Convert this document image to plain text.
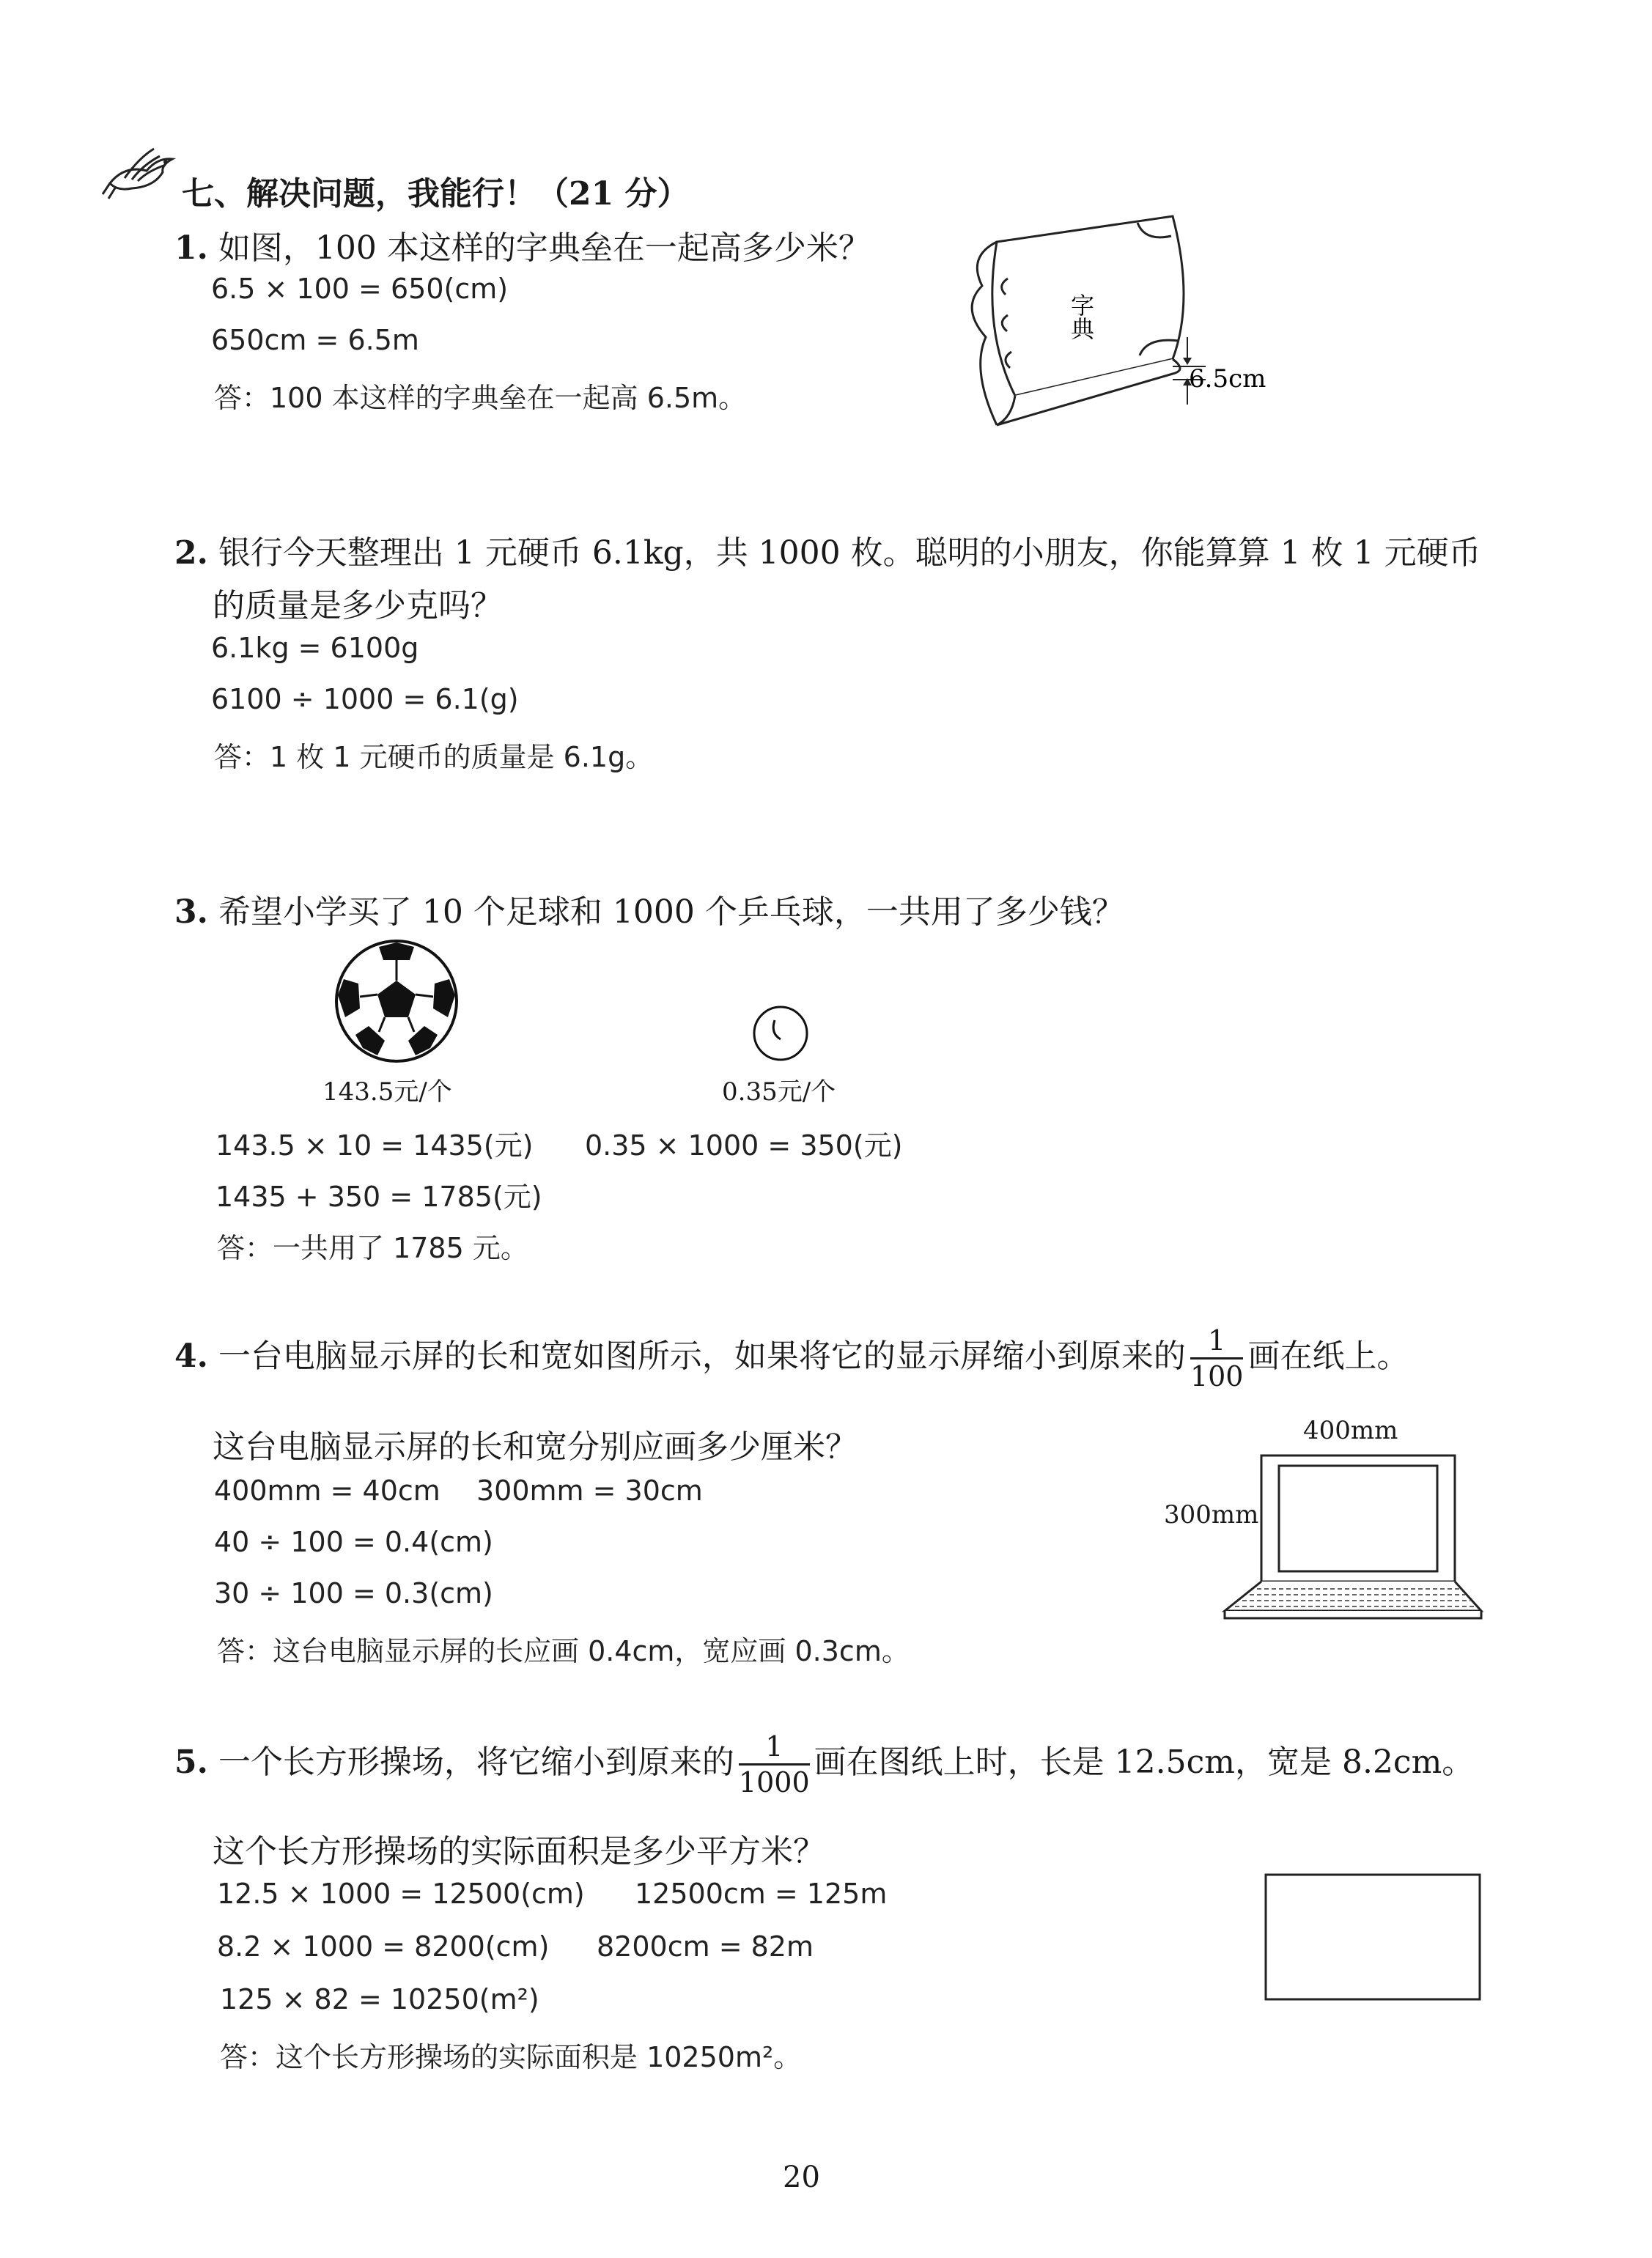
七、解决问题，我能行！（21 分）
1. 如图，100 本这样的字典垒在一起高多少米？
6.5 × 100 = 650(cm)
650cm = 6.5m
答：100 本这样的字典垒在一起高 6.5m。
字典
6.5cm
2. 银行今天整理出 1 元硬币 6.1kg，共 1000 枚。聪明的小朋友，你能算算 1 枚 1 元硬币
的质量是多少克吗？
6.1kg = 6100g
6100 ÷ 1000 = 6.1(g)
答：1 枚 1 元硬币的质量是 6.1g。
3. 希望小学买了 10 个足球和 1000 个乒乓球，一共用了多少钱？
143.5元/个	0.35元/个
143.5 × 10 = 1435(元) 0.35 × 1000 = 350(元)
1435 + 350 = 1785(元)
答：一共用了 1785 元。
4. 一台电脑显示屏的长和宽如图所示，如果将它的显示屏缩小到原来的 $\frac{1}{100}$ 画在纸上。
这台电脑显示屏的长和宽分别应画多少厘米？
400mm = 40cm 300mm = 30cm
40 ÷ 100 = 0.4(cm)
30 ÷ 100 = 0.3(cm)
答：这台电脑显示屏的长应画 0.4cm，宽应画 0.3cm。
400mm
300mm
5. 一个长方形操场，将它缩小到原来的 $\frac{1}{1000}$ 画在图纸上时，长是 12.5cm，宽是 8.2cm。
这个长方形操场的实际面积是多少平方米？
12.5 × 1000 = 12500(cm) 12500cm = 125m
8.2 × 1000 = 8200(cm) 8200cm = 82m
125 × 82 = 10250(m²)
答：这个长方形操场的实际面积是 10250m²。
20
